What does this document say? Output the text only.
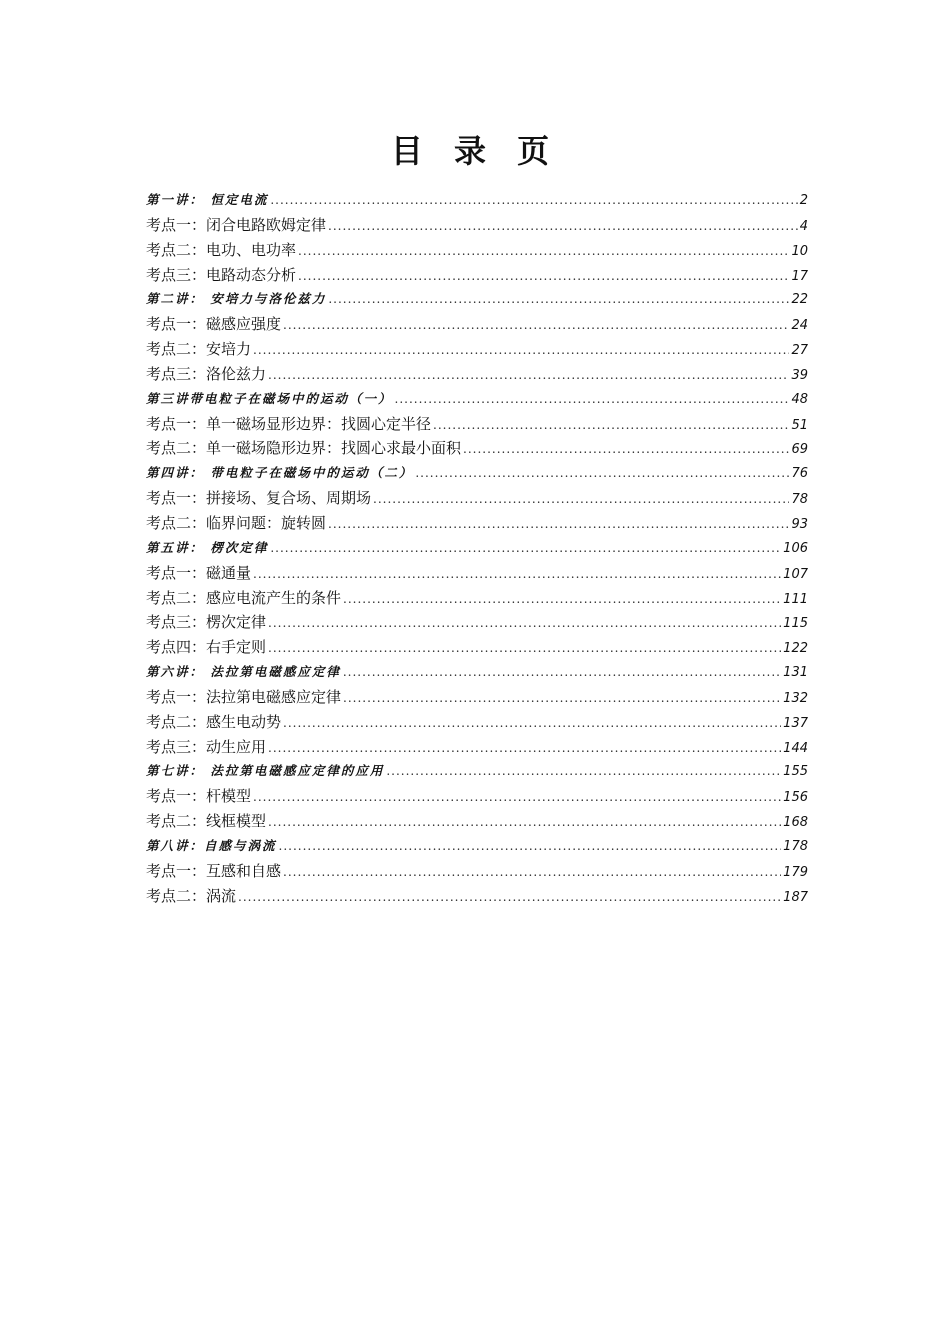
目 录 页
第一讲： 恒定电流 .....	2
考点一：闭合电路欧姆定律 .....	4
考点二：电功、电功率 .....	10
考点三：电路动态分析 .....	17
第二讲： 安培力与洛伦兹力 .....	22
考点一：磁感应强度 .....	24
考点二：安培力 .....	27
考点三：洛伦兹力 .....	39
第三讲带电粒子在磁场中的运动（一） .....	48
考点一：单一磁场显形边界：找圆心定半径 .....	51
考点二：单一磁场隐形边界：找圆心求最小面积 .....	69
第四讲： 带电粒子在磁场中的运动（二） .....	76
考点一：拼接场、复合场、周期场 .....	78
考点二：临界问题：旋转圆 .....	93
第五讲： 楞次定律 .....	106
考点一：磁通量 .....	107
考点二：感应电流产生的条件 .....	111
考点三：楞次定律 .....	115
考点四：右手定则 .....	122
第六讲： 法拉第电磁感应定律 .....	131
考点一：法拉第电磁感应定律 .....	132
考点二：感生电动势 .....	137
考点三：动生应用 .....	144
第七讲： 法拉第电磁感应定律的应用 .....	155
考点一：杆模型 .....	156
考点二：线框模型 .....	168
第八讲：自感与涡流 .....	178
考点一：互感和自感 .....	179
考点二：涡流 .....	187
